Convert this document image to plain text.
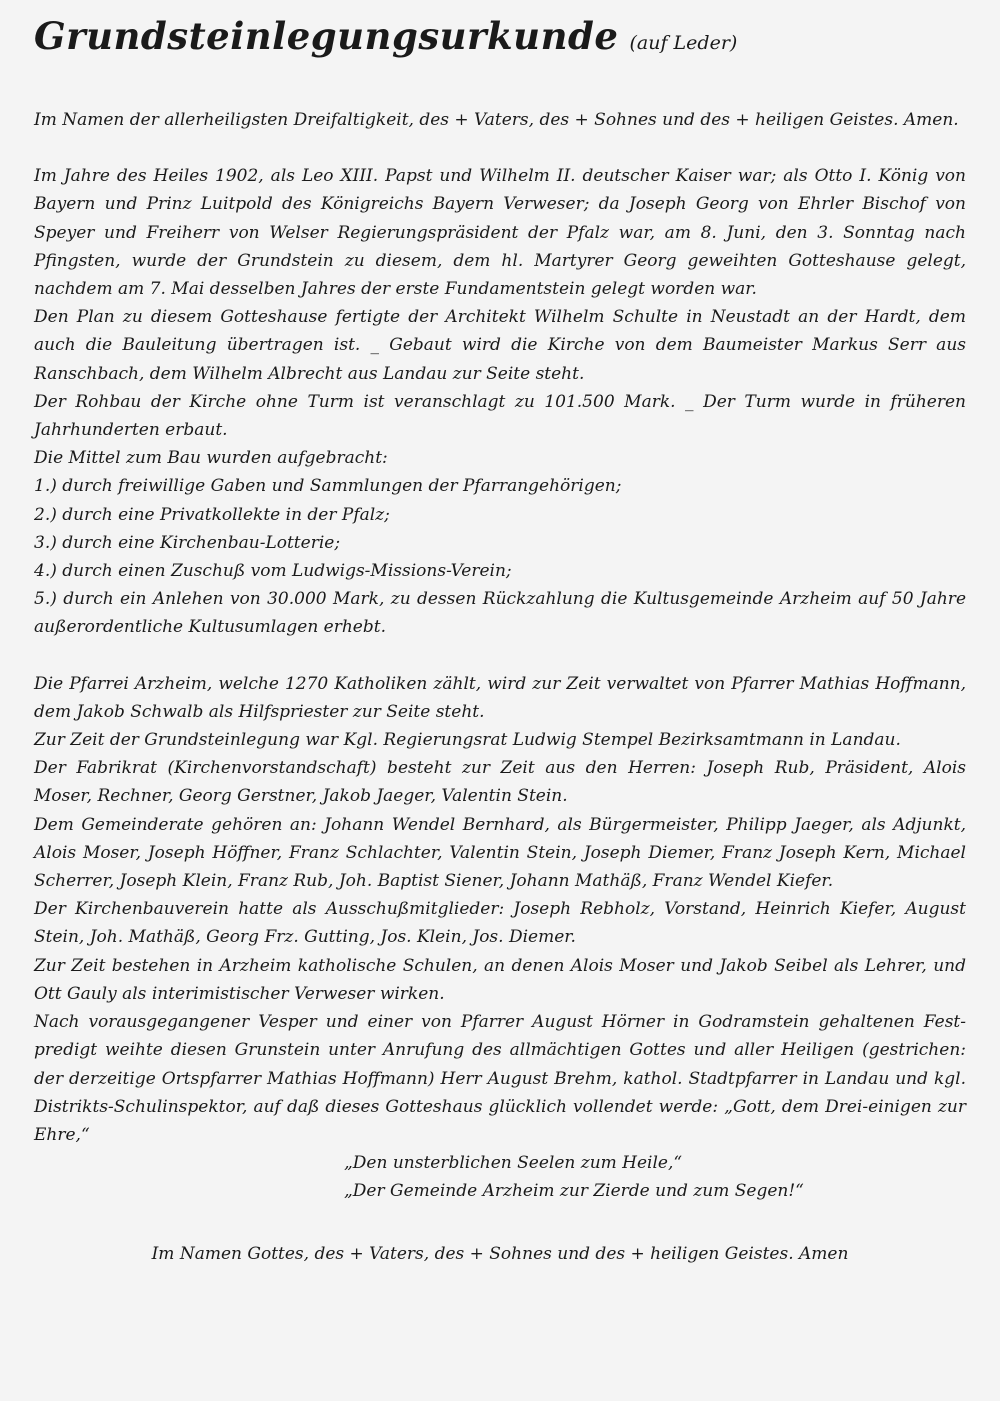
Grundsteinlegungsurkunde (auf Leder)

Im Namen der allerheiligsten Dreifaltigkeit, des + Vaters, des + Sohnes und des + heiligen Geistes. Amen.

Im Jahre des Heiles 1902, als Leo XIII. Papst und Wilhelm II. deutscher Kaiser war; als Otto I. König von Bayern und Prinz Luitpold des Königreichs Bayern Verweser; da Joseph Georg von Ehrler Bischof von Speyer und Freiherr von Welser Regierungspräsident der Pfalz war, am 8. Juni, den 3. Sonntag nach Pfingsten, wurde der Grundstein zu diesem, dem hl. Martyrer Georg geweihten Gotteshause gelegt, nachdem am 7. Mai desselben Jahres der erste Fundamentstein gelegt worden war.

Den Plan zu diesem Gotteshause fertigte der Architekt Wilhelm Schulte in Neustadt an der Hardt, dem auch die Bauleitung übertragen ist. _ Gebaut wird die Kirche von dem Baumeister Markus Serr aus Ranschbach, dem Wilhelm Albrecht aus Landau zur Seite steht.

Der Rohbau der Kirche ohne Turm ist veranschlagt zu 101.500 Mark. _ Der Turm wurde in früheren Jahrhunderten erbaut.

Die Mittel zum Bau wurden aufgebracht:

1.) durch freiwillige Gaben und Sammlungen der Pfarrangehörigen;

2.) durch eine Privatkollekte in der Pfalz;

3.) durch eine Kirchenbau-Lotterie;

4.) durch einen Zuschuß vom Ludwigs-Missions-Verein;

5.) durch ein Anlehen von 30.000 Mark, zu dessen Rückzahlung die Kultusgemeinde Arzheim auf 50 Jahre außerordentliche Kultusumlagen erhebt.

Die Pfarrei Arzheim, welche 1270 Katholiken zählt, wird zur Zeit verwaltet von Pfarrer Mathias Hoffmann, dem Jakob Schwalb als Hilfspriester zur Seite steht.

Zur Zeit der Grundsteinlegung war Kgl. Regierungsrat Ludwig Stempel Bezirksamtmann in Landau.

Der Fabrikrat (Kirchenvorstandschaft) besteht zur Zeit aus den Herren: Joseph Rub, Präsident, Alois Moser, Rechner, Georg Gerstner, Jakob Jaeger, Valentin Stein.

Dem Gemeinderate gehören an: Johann Wendel Bernhard, als Bürgermeister, Philipp Jaeger, als Adjunkt, Alois Moser, Joseph Höffner, Franz Schlachter, Valentin Stein, Joseph Diemer, Franz Joseph Kern, Michael Scherrer, Joseph Klein, Franz Rub, Joh. Baptist Siener, Johann Mathäß, Franz Wendel Kiefer.

Der Kirchenbauverein hatte als Ausschußmitglieder: Joseph Rebholz, Vorstand, Heinrich Kiefer, August Stein, Joh. Mathäß, Georg Frz. Gutting, Jos. Klein, Jos. Diemer.

Zur Zeit bestehen in Arzheim katholische Schulen, an denen Alois Moser und Jakob Seibel als Lehrer, und Ott Gauly als interimistischer Verweser wirken.

Nach vorausgegangener Vesper und einer von Pfarrer August Hörner in Godramstein gehaltenen Fest-predigt weihte diesen Grunstein unter Anrufung des allmächtigen Gottes und aller Heiligen (gestrichen: der derzeitige Ortspfarrer Mathias Hoffmann) Herr August Brehm, kathol. Stadtpfarrer in Landau und kgl. Distrikts-Schulinspektor, auf daß dieses Gotteshaus glücklich vollendet werde: „Gott, dem Drei-einigen zur Ehre,“

„Den unsterblichen Seelen zum Heile,“
„Der Gemeinde Arzheim zur Zierde und zum Segen!“
Im Namen Gottes, des + Vaters, des + Sohnes und des + heiligen Geistes. Amen
